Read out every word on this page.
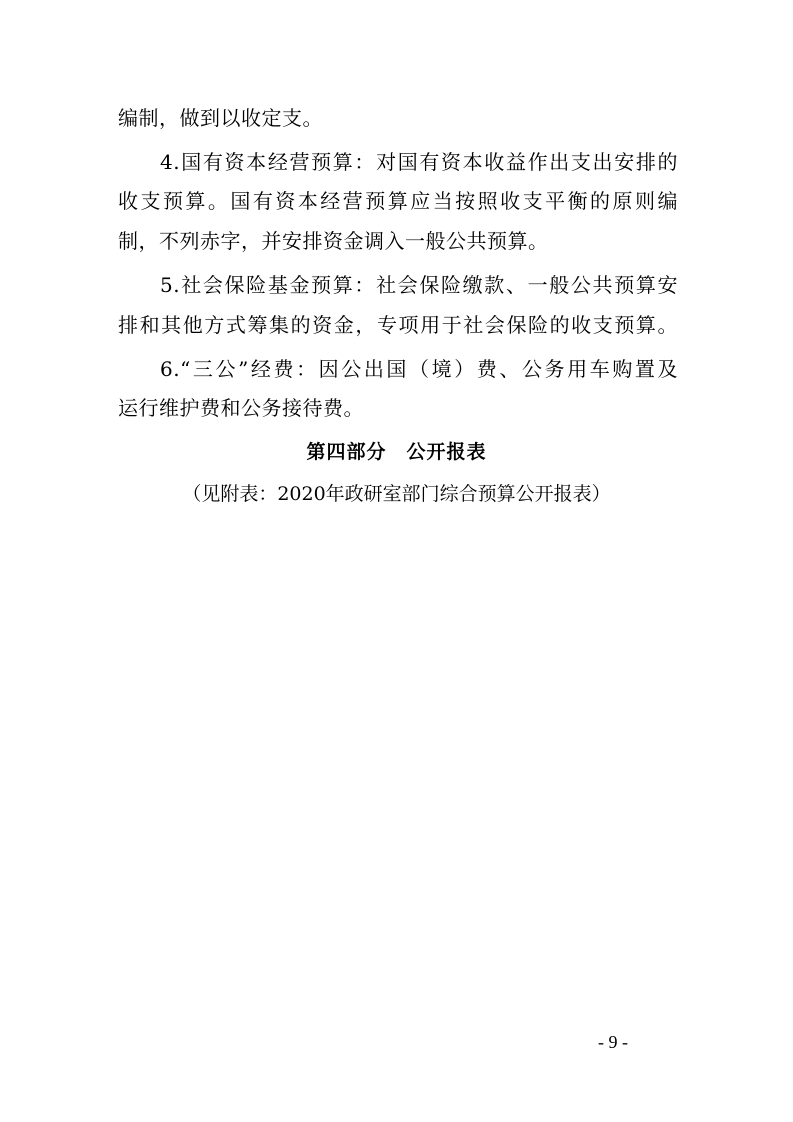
编制，做到以收定支。
4.国有资本经营预算：对国有资本收益作出支出安排的
收支预算。国有资本经营预算应当按照收支平衡的原则编
制，不列赤字，并安排资金调入一般公共预算。
5.社会保险基金预算：社会保险缴款、一般公共预算安
排和其他方式筹集的资金，专项用于社会保险的收支预算。
6.“三公”经费：因公出国（境）费、公务用车购置及
运行维护费和公务接待费。
第四部分　公开报表
（见附表：2020年政研室部门综合预算公开报表）
- 9 -
